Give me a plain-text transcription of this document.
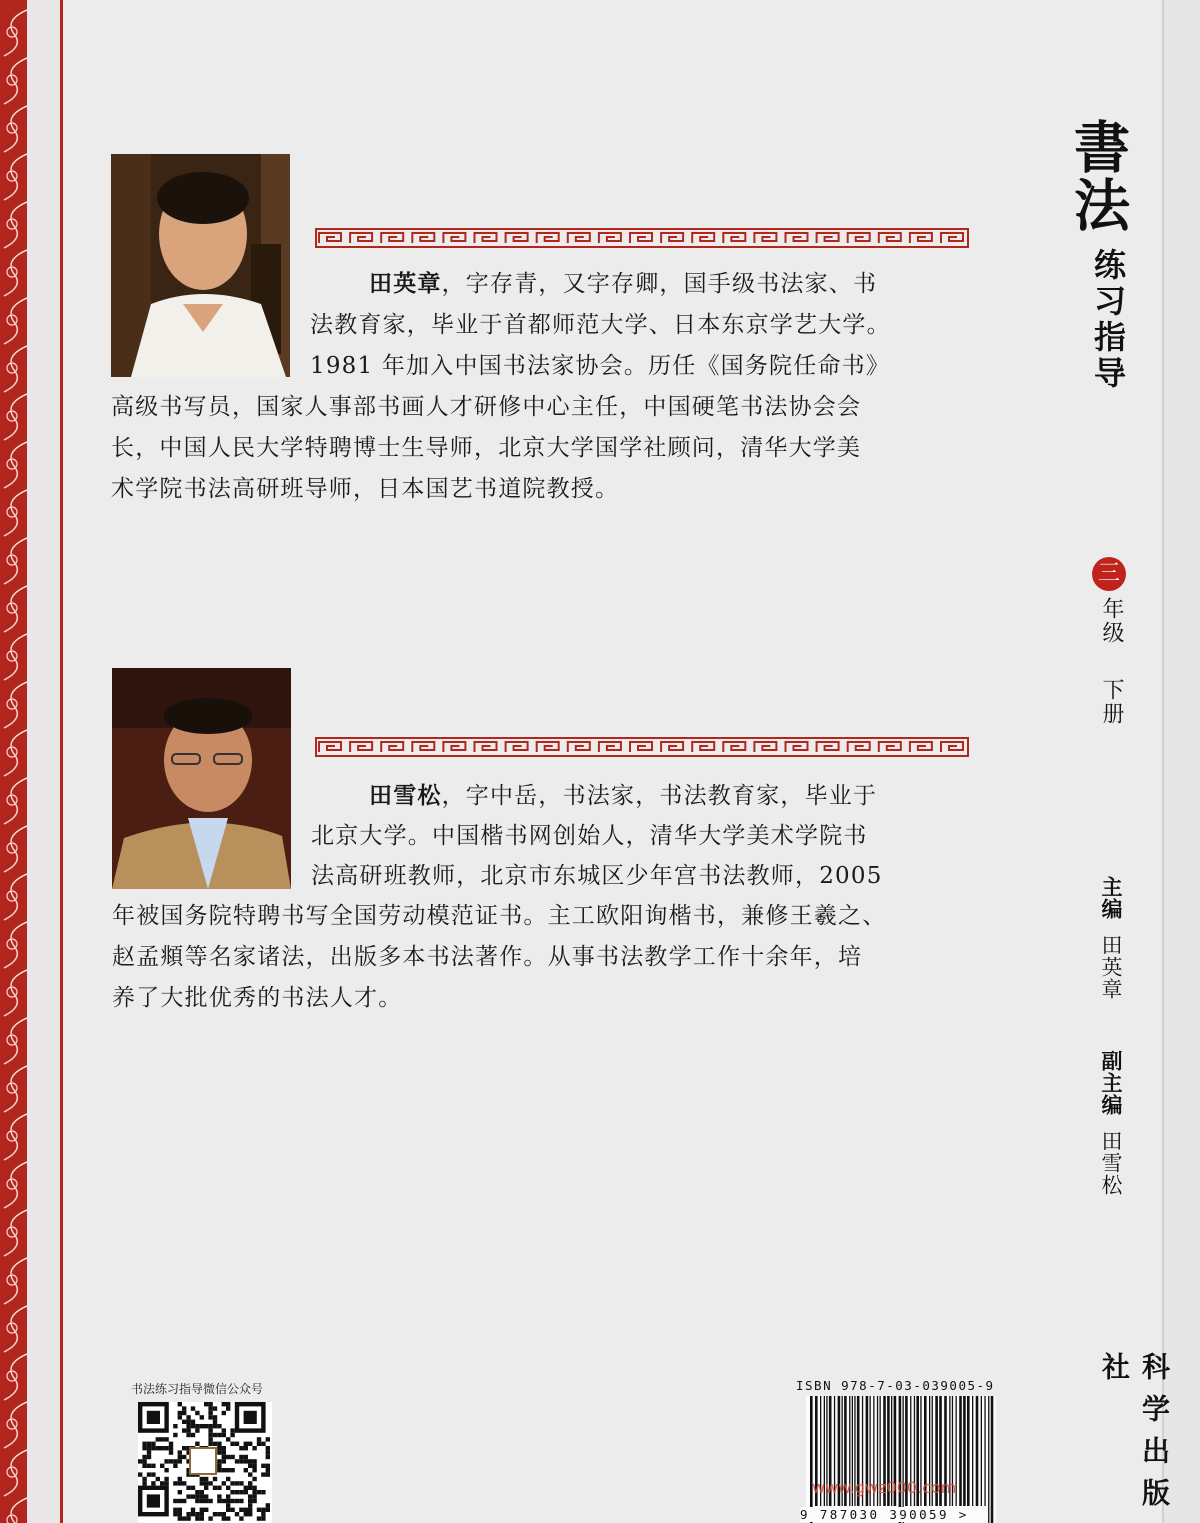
田英章，字存青，又字存卿，国手级书法家、书

法教育家，毕业于首都师范大学、日本东京学艺大学。
1981 年加入中国书法家协会。历任《国务院任命书》
高级书写员，国家人事部书画人才研修中心主任，中国硬笔书法协会会
长，中国人民大学特聘博士生导师，北京大学国学社顾问，清华大学美
术学院书法高研班导师，日本国艺书道院教授。
田雪松，字中岳，书法家，书法教育家，毕业于
北京大学。中国楷书网创始人，清华大学美术学院书
法高研班教师，北京市东城区少年宫书法教师，2005
年被国务院特聘书写全国劳动模范证书。主工欧阳询楷书，兼修王羲之、
赵孟頫等名家诸法，出版多本书法著作。从事书法教学工作十余年，培
养了大批优秀的书法人才。
書法
练习指导
三
年级
下册
主编
田英章
副主编
田雪松
科学出版社
书法练习指导微信公众号	ISBN 978-7-03-039005-9
9 787030 390059 >
www.gwz000.com
